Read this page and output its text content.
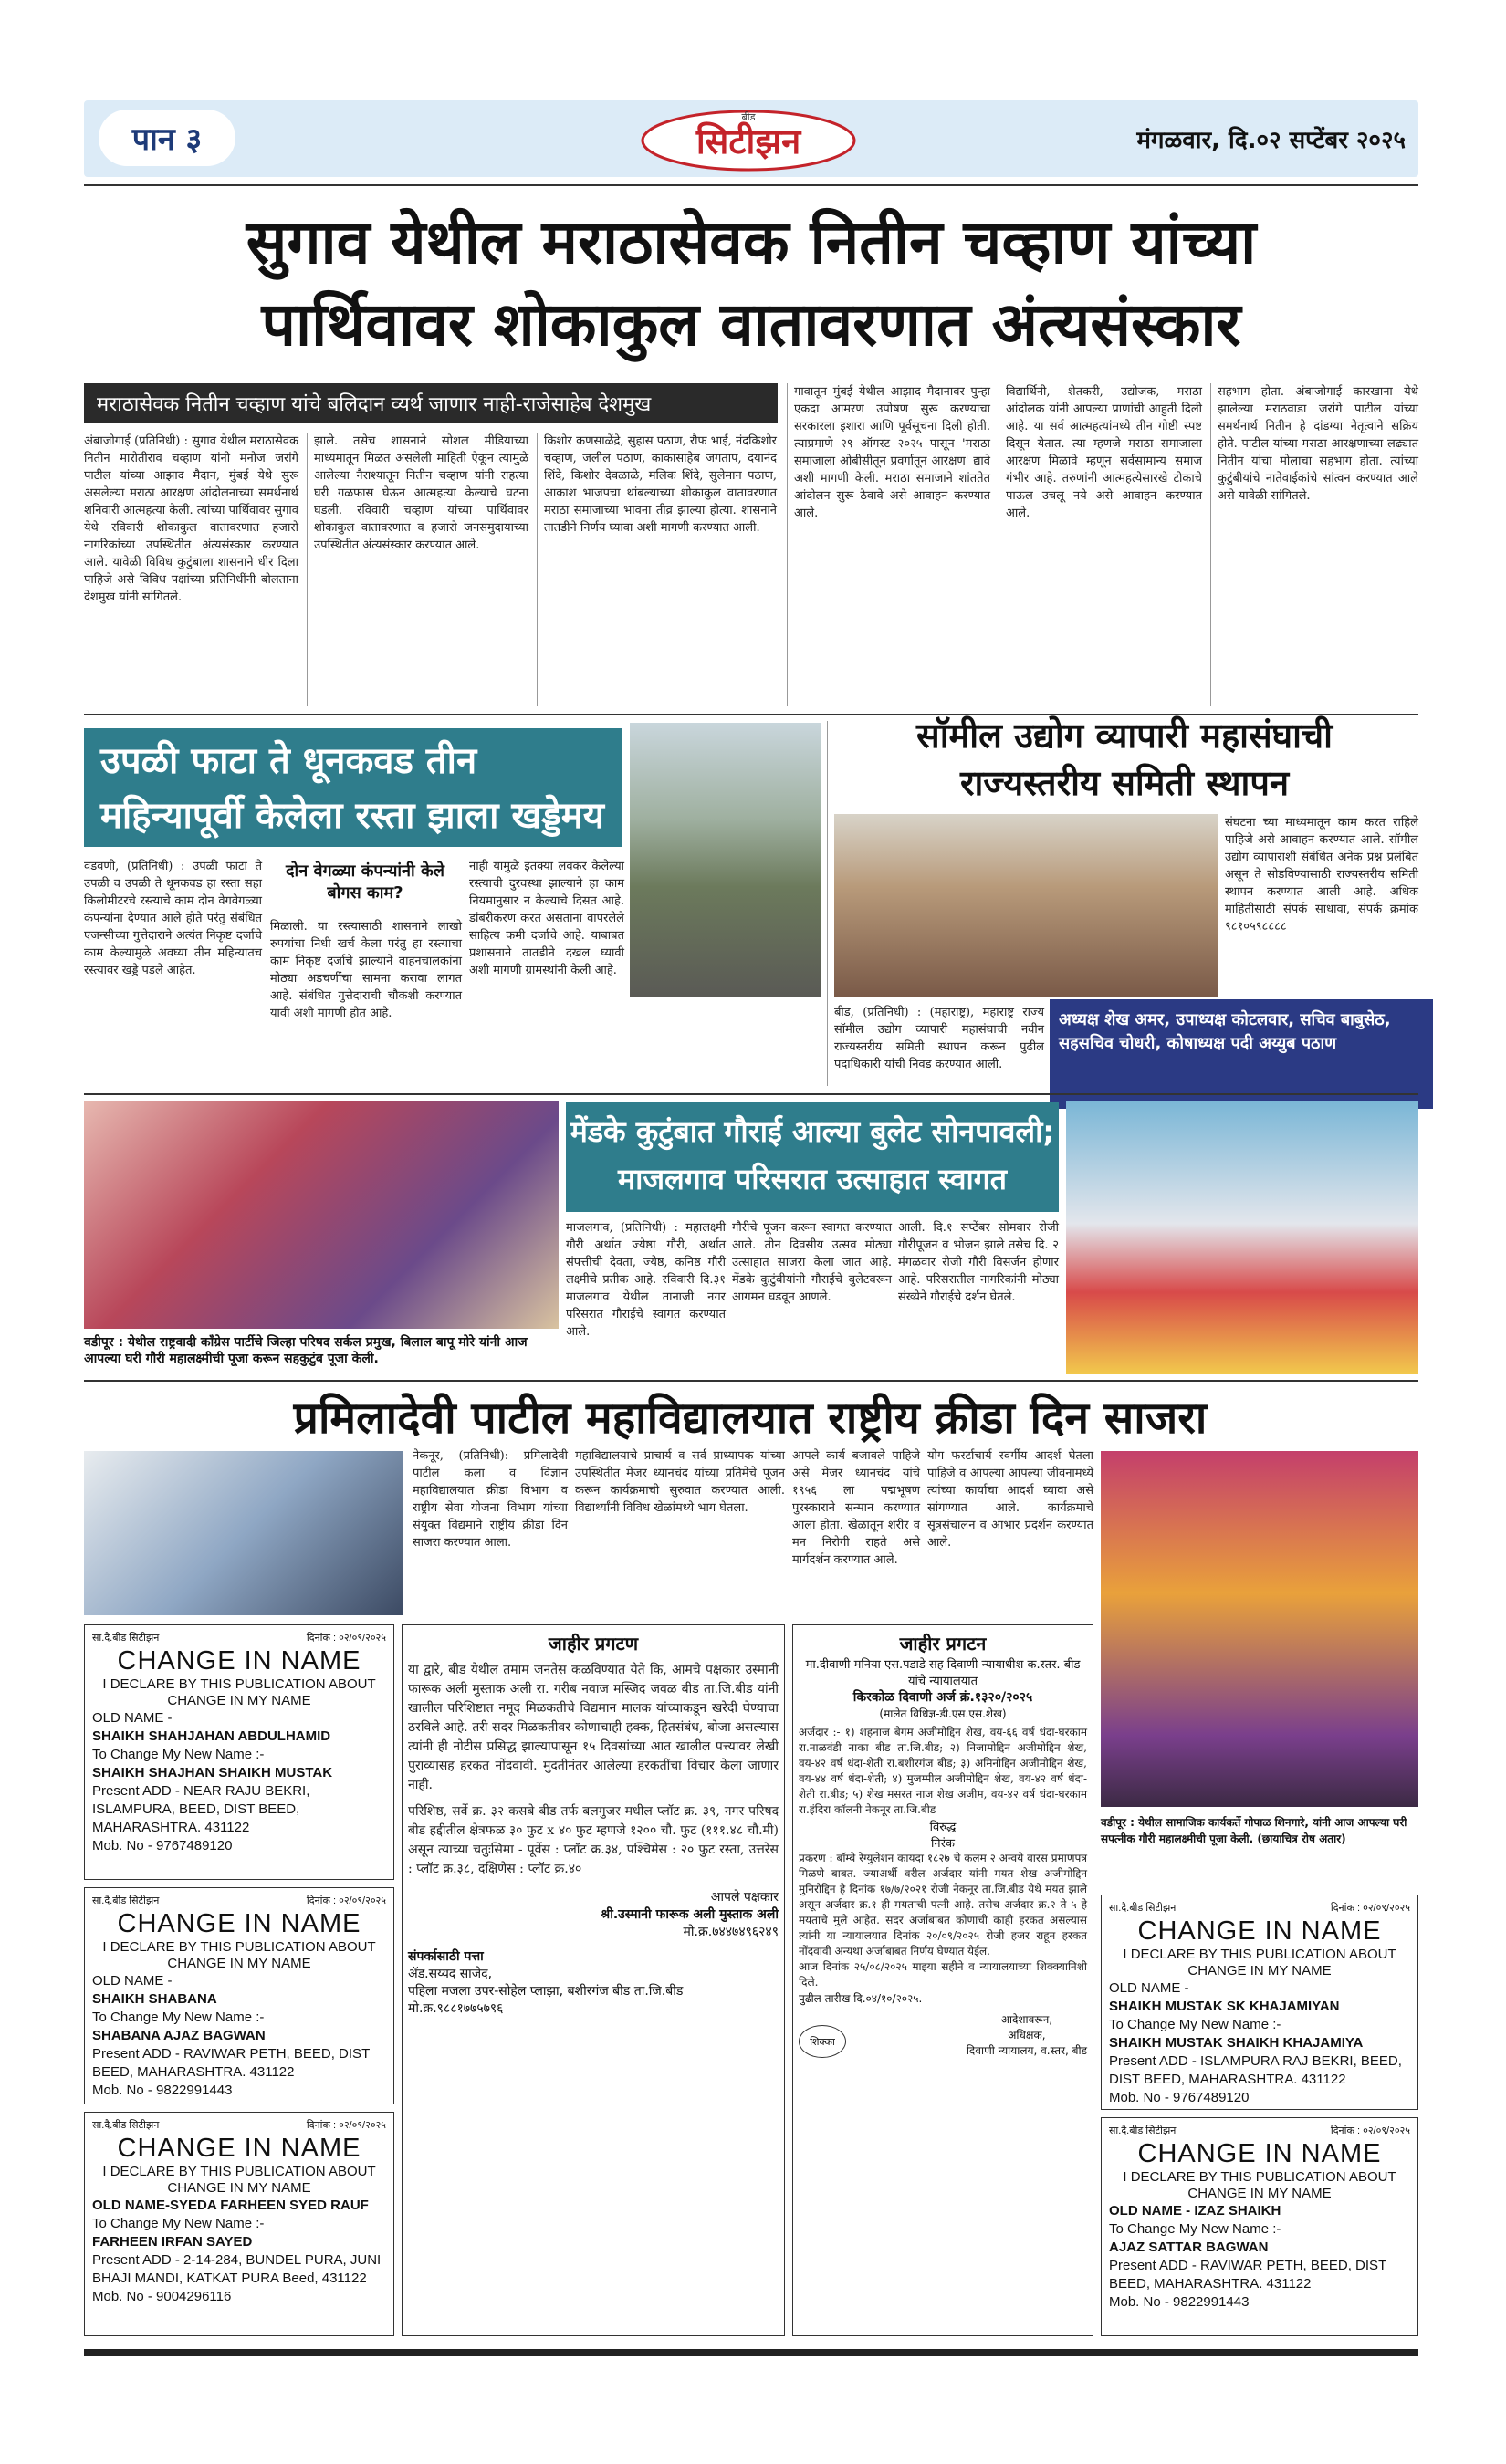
पान ३	सिटीझन
बीड
मंगळवार, दि.०२ सप्टेंबर २०२५
सुगाव येथील मराठासेवक नितीन चव्हाण यांच्या
पार्थिवावर शोकाकुल वातावरणात अंत्यसंस्कार
मराठासेवक नितीन चव्हाण यांचे बलिदान व्यर्थ जाणार नाही-राजेसाहेब देशमुख
अंबाजोगाई (प्रतिनिधी) : सुगाव येथील मराठासेवक नितीन मारोतीराव चव्हाण यांनी मनोज जरांगे पाटील यांच्या आझाद मैदान, मुंबई येथे सुरू असलेल्या मराठा आरक्षण आंदोलनाच्या समर्थनार्थ शनिवारी आत्महत्या केली. त्यांच्या पार्थिवावर सुगाव येथे रविवारी शोकाकुल वातावरणात हजारो नागरिकांच्या उपस्थितीत अंत्यसंस्कार करण्यात आले. यावेळी विविध कुटुंबाला शासनाने धीर दिला पाहिजे असे विविध पक्षांच्या प्रतिनिधींनी बोलताना देशमुख यांनी सांगितले.
झाले. तसेच शासनाने सोशल मीडियाच्या माध्यमातून मिळत असलेली माहिती ऐकून त्यामुळे आलेल्या नैराश्यातून नितीन चव्हाण यांनी राहत्या घरी गळफास घेऊन आत्महत्या केल्याचे घटना घडली. रविवारी चव्हाण यांच्या पार्थिवावर शोकाकुल वातावरणात व हजारो जनसमुदायाच्या उपस्थितीत अंत्यसंस्कार करण्यात आले.
किशोर कणसाळेंद्रे, सुहास पठाण, रौफ भाई, नंदकिशोर चव्हाण, जलील पठाण, काकासाहेब जगताप, दयानंद शिंदे, किशोर देवळाळे, मलिक शिंदे, सुलेमान पठाण, आकाश भाजपचा थांबल्याच्या शोकाकुल वातावरणात मराठा समाजाच्या भावना तीव्र झाल्या होत्या. शासनाने तातडीने निर्णय घ्यावा अशी मागणी करण्यात आली.
गावातून मुंबई येथील आझाद मैदानावर पुन्हा एकदा आमरण उपोषण सुरू करण्याचा सरकारला इशारा आणि पूर्वसूचना दिली होती. त्याप्रमाणे २९ ऑगस्ट २०२५ पासून 'मराठा समाजाला ओबीसीतून प्रवर्गातून आरक्षण' द्यावे अशी मागणी केली. मराठा समाजाने शांततेत आंदोलन सुरू ठेवावे असे आवाहन करण्यात आले.
विद्यार्थिनी, शेतकरी, उद्योजक, मराठा आंदोलक यांनी आपल्या प्राणांची आहुती दिली आहे. या सर्व आत्महत्यांमध्ये तीन गोष्टी स्पष्ट दिसून येतात. त्या म्हणजे मराठा समाजाला आरक्षण मिळावे म्हणून सर्वसामान्य समाज गंभीर आहे. तरुणांनी आत्महत्येसारखे टोकाचे पाऊल उचलू नये असे आवाहन करण्यात आले.
सहभाग होता. अंबाजोगाई कारखाना येथे झालेल्या मराठवाडा जरांगे पाटील यांच्या समर्थनार्थ नितीन हे दांडग्या नेतृत्वाने सक्रिय होते. पाटील यांच्या मराठा आरक्षणाच्या लढ्यात नितीन यांचा मोलाचा सहभाग होता. त्यांच्या कुटुंबीयांचे नातेवाईकांचे सांत्वन करण्यात आले असे यावेळी सांगितले.
उपळी फाटा ते धूनकवड तीन
महिन्यापूर्वी केलेला रस्ता झाला खड्डेमय
वडवणी, (प्रतिनिधी) : उपळी फाटा ते उपळी व उपळी ते धूनकवड हा रस्ता सहा किलोमीटरचे रस्त्याचे काम दोन वेगवेगळ्या कंपन्यांना देण्यात आले होते परंतु संबंधित एजन्सीच्या गुत्तेदाराने अत्यंत निकृष्ट दर्जाचे काम केल्यामुळे अवघ्या तीन महिन्यातच रस्त्यावर खड्डे पडले आहेत.
दोन वेगळ्या कंपन्यांनी केले बोगस काम?
मिळाली. या रस्त्यासाठी शासनाने लाखो रुपयांचा निधी खर्च केला परंतु हा रस्त्याचा काम निकृष्ट दर्जाचे झाल्याने वाहनचालकांना मोठ्या अडचणींचा सामना करावा लागत आहे. संबंधित गुत्तेदाराची चौकशी करण्यात यावी अशी मागणी होत आहे.
नाही यामुळे इतक्या लवकर केलेल्या रस्त्याची दुरवस्था झाल्याने हा काम नियमानुसार न केल्याचे दिसत आहे. डांबरीकरण करत असताना वापरलेले साहित्य कमी दर्जाचे आहे. याबाबत प्रशासनाने तातडीने दखल घ्यावी अशी मागणी ग्रामस्थांनी केली आहे.
सॉमील उद्योग व्यापारी महासंघाची
राज्यस्तरीय समिती स्थापन
संघटना च्या माध्यमातून काम करत राहिले पाहिजे असे आवाहन करण्यात आले. सॉमील उद्योग व्यापाराशी संबंधित अनेक प्रश्न प्रलंबित असून ते सोडविण्यासाठी राज्यस्तरीय समिती स्थापन करण्यात आली आहे. अधिक माहितीसाठी संपर्क साधावा, संपर्क क्रमांक ९८१०५९८८८८
बीड, (प्रतिनिधी) : (महाराष्ट्र), महाराष्ट्र राज्य सॉमील उद्योग व्यापारी महासंघाची नवीन राज्यस्तरीय समिती स्थापन करून पुढील पदाधिकारी यांची निवड करण्यात आली.
अध्यक्ष शेख अमर, उपाध्यक्ष कोटलवार, सचिव बाबुसेठ, सहसचिव चोधरी, कोषाध्यक्ष पदी अय्युब पठाण
वडीपूर : येथील राष्ट्रवादी काँग्रेस पार्टीचे जिल्हा परिषद सर्कल प्रमुख, बिलाल बापू मोरे यांनी आज आपल्या घरी गौरी महालक्ष्मीची पूजा करून सहकुटुंब पूजा केली.
मेंडके कुटुंबात गौराई आल्या बुलेट सोनपावली;
माजलगाव परिसरात उत्साहात स्वागत
माजलगाव, (प्रतिनिधी) : महालक्ष्मी गौरी अर्थात ज्येष्ठा गौरी, अर्थात संपत्तीची देवता, ज्येष्ठ, कनिष्ठ गौरी लक्ष्मीचे प्रतीक आहे. रविवारी दि.३१ माजलगाव येथील तानाजी नगर परिसरात गौराईचे स्वागत करण्यात आले.
गौरीचे पूजन करून स्वागत करण्यात आले. तीन दिवसीय उत्सव मोठ्या उत्साहात साजरा केला जात आहे. मेंडके कुटुंबीयांनी गौराईचे बुलेटवरून आगमन घडवून आणले.
आली. दि.१ सप्टेंबर सोमवार रोजी गौरीपूजन व भोजन झाले तसेच दि. २ मंगळवार रोजी गौरी विसर्जन होणार आहे. परिसरातील नागरिकांनी मोठ्या संख्येने गौराईचे दर्शन घेतले.
प्रमिलादेवी पाटील महाविद्यालयात राष्ट्रीय क्रीडा दिन साजरा
नेकनूर, (प्रतिनिधी): प्रमिलादेवी पाटील कला व विज्ञान महाविद्यालयात क्रीडा विभाग व राष्ट्रीय सेवा योजना विभाग यांच्या संयुक्त विद्यमाने राष्ट्रीय क्रीडा दिन साजरा करण्यात आला.
महाविद्यालयाचे प्राचार्य व सर्व प्राध्यापक यांच्या उपस्थितीत मेजर ध्यानचंद यांच्या प्रतिमेचे पूजन करून कार्यक्रमाची सुरुवात करण्यात आली. विद्यार्थ्यांनी विविध खेळांमध्ये भाग घेतला.
आपले कार्य बजावले पाहिजे असे मेजर ध्यानचंद यांचे १९५६ ला पद्मभूषण पुरस्काराने सन्मान करण्यात आला होता. खेळातून शरीर व मन निरोगी राहते असे मार्गदर्शन करण्यात आले.
योग फर्स्टाचार्य स्वर्गीय आदर्श घेतला पाहिजे व आपल्या आपल्या जीवनामध्ये त्यांच्या कार्याचा आदर्श घ्यावा असे सांगण्यात आले. कार्यक्रमाचे सूत्रसंचालन व आभार प्रदर्शन करण्यात आले.
वडीपूर : येथील सामाजिक कार्यकर्ते गोपाळ शिनगारे, यांनी आज आपल्या घरी सपत्नीक गौरी महालक्ष्मीची पूजा केली. (छायाचित्र रोष अतार)
सा.दै.बीड सिटीझन	दिनांक : ०२/०९/२०२५
CHANGE IN NAME
I DECLARE BY THIS PUBLICATION ABOUT CHANGE IN MY NAME
OLD NAME -
SHAIKH SHAHJAHAN ABDULHAMID
To Change My New Name :-
SHAIKH SHAJHAN SHAIKH MUSTAK
Present ADD - NEAR RAJU BEKRI, ISLAMPURA, BEED, DIST BEED, MAHARASHTRA. 431122
Mob. No - 9767489120
सा.दै.बीड सिटीझन	दिनांक : ०२/०९/२०२५
CHANGE IN NAME
I DECLARE BY THIS PUBLICATION ABOUT CHANGE IN MY NAME
OLD NAME -
SHAIKH SHABANA
To Change My New Name :-
SHABANA AJAZ BAGWAN
Present ADD - RAVIWAR PETH, BEED, DIST BEED, MAHARASHTRA. 431122
Mob. No - 9822991443
सा.दै.बीड सिटीझन	दिनांक : ०२/०९/२०२५
CHANGE IN NAME
I DECLARE BY THIS PUBLICATION ABOUT CHANGE IN MY NAME
OLD NAME-SYEDA FARHEEN SYED RAUF
To Change My New Name :-
FARHEEN IRFAN SAYED
Present ADD - 2-14-284, BUNDEL PURA, JUNI BHAJI MANDI, KATKAT PURA Beed, 431122
Mob. No - 9004296116
जाहीर प्रगटण
या द्वारे, बीड येथील तमाम जनतेस कळविण्यात येते कि, आमचे पक्षकार उस्मानी फारूक अली मुस्ताक अली रा. गरीब नवाज मस्जिद जवळ बीड ता.जि.बीड यांनी खालील परिशिष्टात नमूद मिळकतीचे विद्यमान मालक यांच्याकडून खरेदी घेण्याचा ठरविले आहे. तरी सदर मिळकतीवर कोणाचाही हक्क, हितसंबंध, बोजा असल्यास त्यांनी ही नोटीस प्रसिद्ध झाल्यापासून १५ दिवसांच्या आत खालील पत्त्यावर लेखी पुराव्यासह हरकत नोंदवावी. मुदतीनंतर आलेल्या हरकतींचा विचार केला जाणार नाही.
परिशिष्ठ, सर्वे क्र. ३२ कसबे बीड तर्फ बलगुजर मधील प्लॉट क्र. ३९, नगर परिषद बीड हद्दीतील क्षेत्रफळ ३० फुट x ४० फुट म्हणजे १२०० चौ. फुट (१११.४८ चौ.मी) असून त्याच्या चतुःसिमा - पूर्वेस : प्लॉट क्र.३४, पश्चिमेस : २० फुट रस्ता, उत्तरेस : प्लॉट क्र.३८, दक्षिणेस : प्लॉट क्र.४०
आपले पक्षकार
श्री.उस्मानी फारूक अली मुस्ताक अली
मो.क्र.७४४७४९६२४९
संपर्कासाठी पत्ता
ॲड.सय्यद साजेद,
पहिला मजला उपर-सोहेल प्लाझा, बशीरगंज बीड ता.जि.बीड
मो.क्र.९८८१७७५७९६
जाहीर प्रगटन
मा.दीवाणी मनिया एस.पडाडे सह दिवाणी न्यायाधीश क.स्तर. बीड यांचे न्यायालयात
किरकोळ दिवाणी अर्ज क्रं.१३२०/२०२५
(मालेत विधिज्ञ-डी.एस.एस.शेख)
अर्जदार :- १) शहनाज बेगम अजीमोद्दिन शेख, वय-६६ वर्ष धंदा-घरकाम रा.नाळवंडी नाका बीड ता.जि.बीड; २) निजामोद्दिन अजीमोद्दिन शेख, वय-४२ वर्ष धंदा-शेती रा.बशीरगंज बीड; ३) अमिनोद्दिन अजीमोद्दिन शेख, वय-४४ वर्ष धंदा-शेती; ४) मुजम्मील अजीमोद्दिन शेख, वय-४२ वर्ष धंदा-शेती रा.बीड; ५) शेख मसरत नाज शेख अजीम, वय-४२ वर्ष धंदा-घरकाम रा.इंदिरा कॉलनी नेकनूर ता.जि.बीड
विरुद्ध
निरंक
प्रकरण : बॉम्बे रेग्युलेशन कायदा १८२७ चे कलम २ अन्वये वारस प्रमाणपत्र मिळणे बाबत. ज्याअर्थी वरील अर्जदार यांनी मयत शेख अजीमोद्दिन मुनिरोद्दिन हे दिनांक १७/७/२०२१ रोजी नेकनूर ता.जि.बीड येथे मयत झाले असून अर्जदार क्र.१ ही मयताची पत्नी आहे. तसेच अर्जदार क्र.२ ते ५ हे मयताचे मुले आहेत. सदर अर्जाबाबत कोणाची काही हरकत असल्यास त्यांनी या न्यायालयात दिनांक २०/०९/२०२५ रोजी हजर राहून हरकत नोंदवावी अन्यथा अर्जाबाबत निर्णय घेण्यात येईल.
आज दिनांक २५/०८/२०२५ माझ्या सहीने व न्यायालयाच्या शिक्क्यानिशी दिले.
पुढील तारीख दि.०४/१०/२०२५.
शिक्का
आदेशावरून,
अधिक्षक,
दिवाणी न्यायालय, व.स्तर, बीड
सा.दै.बीड सिटीझन	दिनांक : ०२/०९/२०२५
CHANGE IN NAME
I DECLARE BY THIS PUBLICATION ABOUT CHANGE IN MY NAME
OLD NAME -
SHAIKH MUSTAK SK KHAJAMIYAN
To Change My New Name :-
SHAIKH MUSTAK SHAIKH KHAJAMIYA
Present ADD - ISLAMPURA RAJ BEKRI, BEED, DIST BEED, MAHARASHTRA. 431122
Mob. No - 9767489120
सा.दै.बीड सिटीझन	दिनांक : ०२/०९/२०२५
CHANGE IN NAME
I DECLARE BY THIS PUBLICATION ABOUT CHANGE IN MY NAME
OLD NAME - IZAZ SHAIKH
To Change My New Name :-
AJAZ SATTAR BAGWAN
Present ADD - RAVIWAR PETH, BEED, DIST BEED, MAHARASHTRA. 431122
Mob. No - 9822991443
